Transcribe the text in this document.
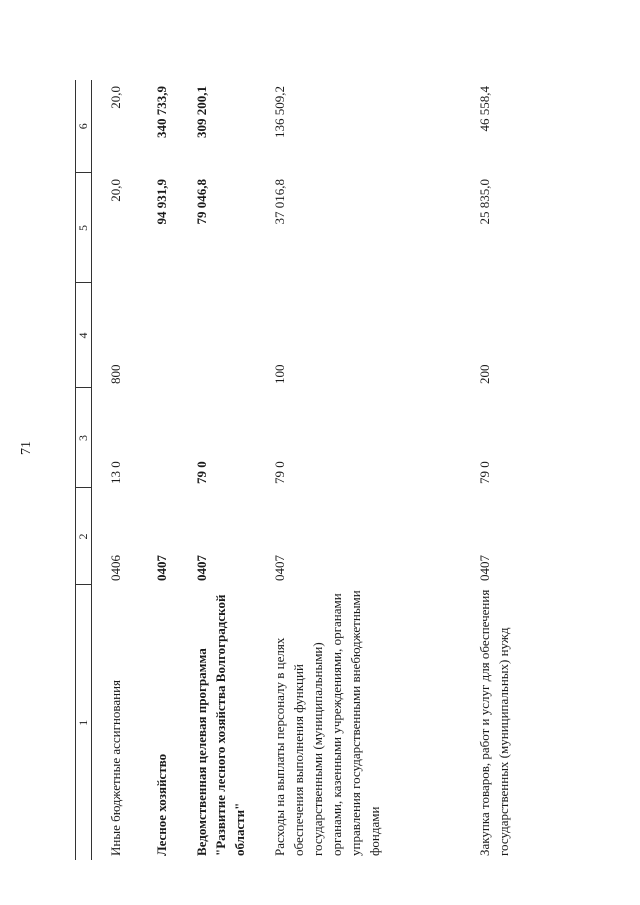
71
1	2	3	4	5	6
Иные бюджетные ассигнования	0406	13 0	800	20,0	20,0
Лесное хозяйство	0407			94 931,9	340 733,9
Ведомственная целевая программа "Развитие лесного хозяйства Волгоградской области"	0407	79 0		79 046,8	309 200,1
Расходы на выплаты персоналу в целях обеспечения выполнения функций государственными (муниципальными) органами, казенными учреждениями, органами управления государственными внебюджетными фондами	0407	79 0	100	37 016,8	136 509,2
Закупка товаров, работ и услуг для обеспечения государственных (муниципальных) нужд	0407	79 0	200	25 835,0	46 558,4
